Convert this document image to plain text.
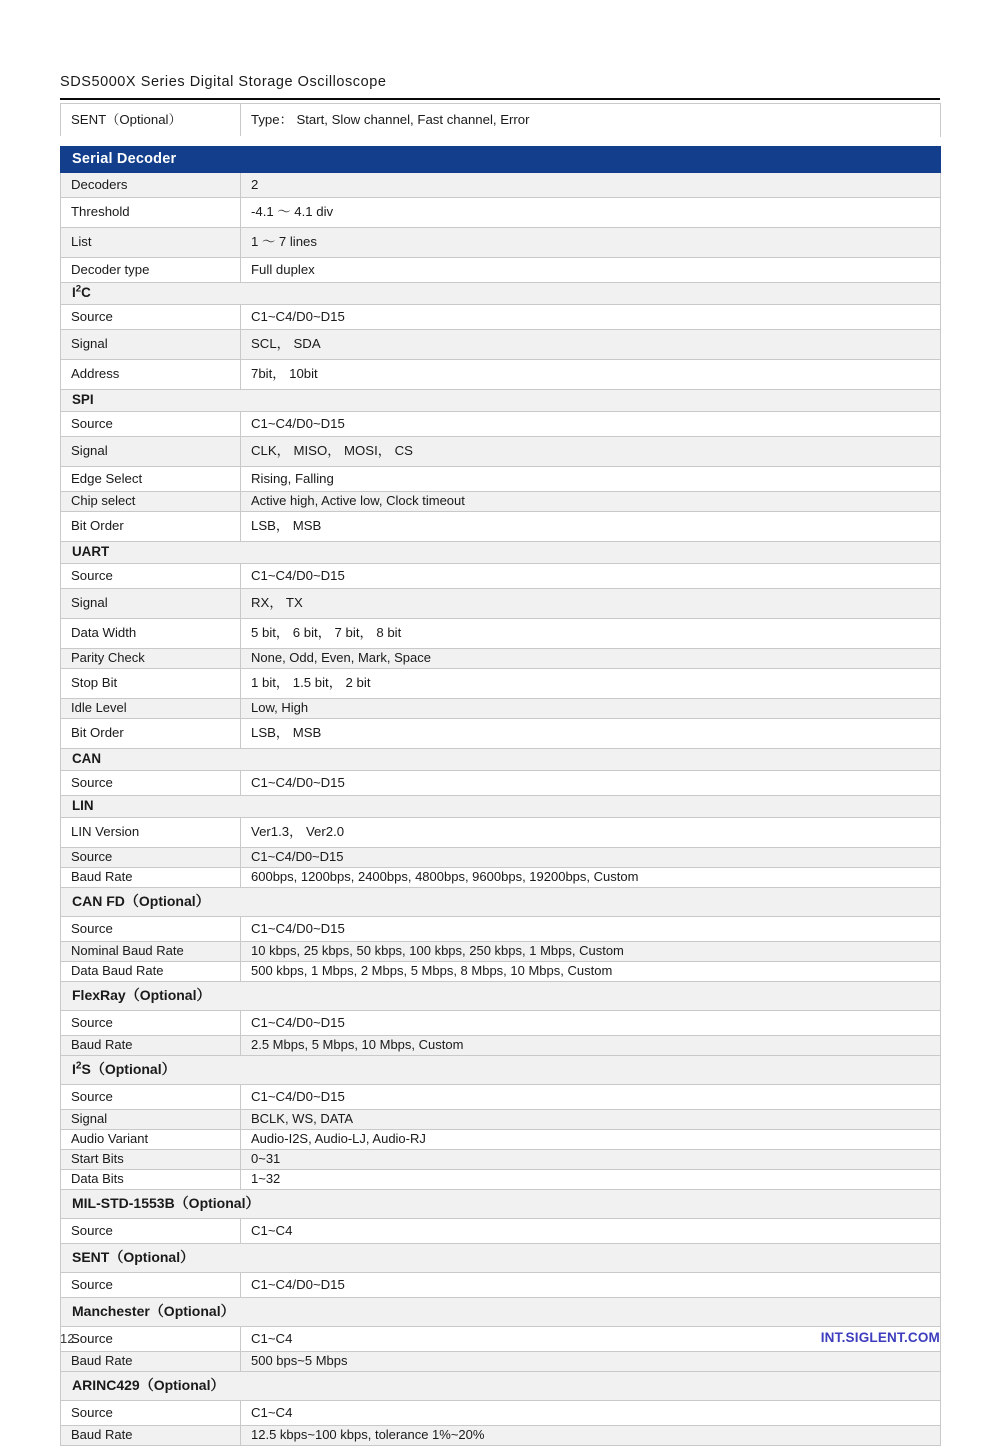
SDS5000X Series Digital Storage Oscilloscope
SENT（Optional）	Type： Start, Slow channel, Fast channel, Error
Serial Decoder	
Decoders	2
Threshold	-4.1 ～ 4.1 div
List	1 ～ 7 lines
Decoder type	Full duplex
$I^2C$	
Source	C1~C4/D0~D15
Signal	SCL， SDA
Address	7bit， 10bit
SPI	
Source	C1~C4/D0~D15
Signal	CLK， MISO， MOSI， CS
Edge Select	Rising, Falling
Chip select	Active high, Active low, Clock timeout
Bit Order	LSB， MSB
UART	
Source	C1~C4/D0~D15
Signal	RX， TX
Data Width	5 bit， 6 bit， 7 bit， 8 bit
Parity Check	None, Odd, Even, Mark, Space
Stop Bit	1 bit， 1.5 bit， 2 bit
Idle Level	Low, High
Bit Order	LSB， MSB
CAN	
Source	C1~C4/D0~D15
LIN	
LIN Version	Ver1.3， Ver2.0
Source	C1~C4/D0~D15
Baud Rate	600bps, 1200bps, 2400bps, 4800bps, 9600bps, 19200bps, Custom
CAN FD（Optional）	
Source	C1~C4/D0~D15
Nominal Baud Rate	10 kbps, 25 kbps, 50 kbps, 100 kbps, 250 kbps, 1 Mbps, Custom
Data Baud Rate	500 kbps, 1 Mbps, 2 Mbps, 5 Mbps, 8 Mbps, 10 Mbps, Custom
FlexRay（Optional）	
Source	C1~C4/D0~D15
Baud Rate	2.5 Mbps, 5 Mbps, 10 Mbps, Custom
$I^2S(Optional)$	
Source	C1~C4/D0~D15
Signal	BCLK, WS, DATA
Audio Variant	Audio-I2S, Audio-LJ, Audio-RJ
Start Bits	0~31
Data Bits	1~32
MIL-STD-1553B（Optional）	
Source	C1~C4
SENT（Optional）	
Source	C1~C4/D0~D15
Manchester（Optional）	
Source	C1~C4
Baud Rate	500 bps~5 Mbps
ARINC429（Optional）	
Source	C1~C4
Baud Rate	12.5 kbps~100 kbps, tolerance 1%~20%
12	INT.SIGLENT.COM
